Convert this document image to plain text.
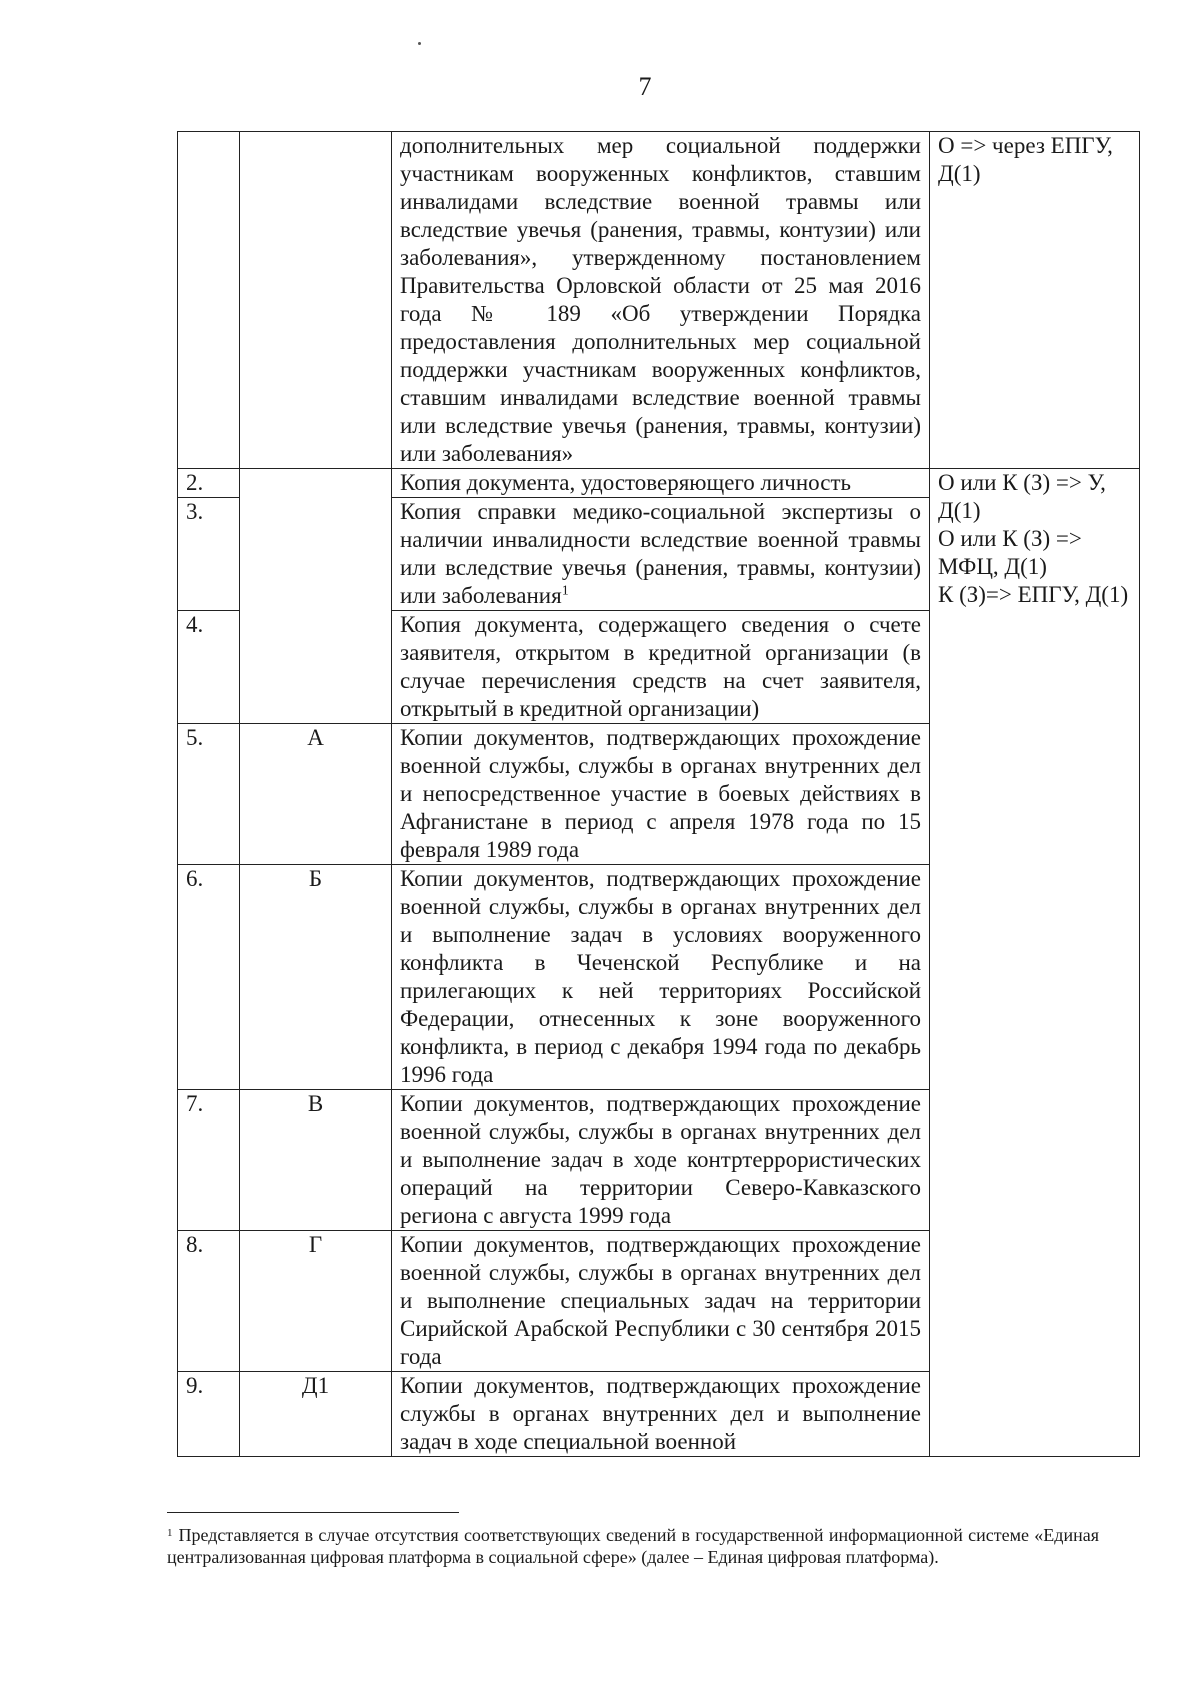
7
		дополнительных мер социальной поддержки участникам вооруженных конфликтов, ставшим инвалидами вследствие военной травмы или вследствие увечья (ранения, травмы, контузии) или заболевания», утвержденному постановлением Правительства Орловской области от 25 мая 2016 года № 189 «Об утверждении Порядка предоставления дополнительных мер социальной поддержки участникам вооруженных конфликтов, ставшим инвалидами вследствие военной травмы или вследствие увечья (ранения, травмы, контузии) или заболевания»	О => через ЕПГУ, Д(1)	
2.		Копия документа, удостоверяющего личность	О или К (З) => У, Д(1)
О или К (З) => МФЦ, Д(1)
К (З)=> ЕПГУ, Д(1)	

3.		Копия справки медико-социальной экспертизы о наличии инвалидности вследствие военной травмы или вследствие увечья (ранения, травмы, контузии) или заболевания$^1$
4.		Копия документа, содержащего сведения о счете заявителя, открытом в кредитной организации (в случае перечисления средств на счет заявителя, открытый в кредитной организации)		
5.	А	Копии документов, подтверждающих прохождение военной службы, службы в органах внутренних дел и непосредственное участие в боевых действиях в Афганистане в период с апреля 1978 года по 15 февраля 1989 года		
6.	Б	Копии документов, подтверждающих прохождение военной службы, службы в органах внутренних дел и выполнение задач в условиях вооруженного конфликта в Чеченской Республике и на прилегающих к ней территориях Российской Федерации, отнесенных к зоне вооруженного конфликта, в период с декабря 1994 года по декабрь 1996 года		
7.	В	Копии документов, подтверждающих прохождение военной службы, службы в органах внутренних дел и выполнение задач в ходе контртеррористических операций на территории Северо-Кавказского региона с августа 1999 года		
8.	Г	Копии документов, подтверждающих прохождение военной службы, службы в органах внутренних дел и выполнение специальных задач на территории Сирийской Арабской Республики с 30 сентября 2015 года		
9.	Д1	Копии документов, подтверждающих прохождение службы в органах внутренних дел и выполнение задач в ходе специальной военной		
$^1$ Представляется в случае отсутствия соответствующих сведений в государственной информационной системе «Единая централизованная цифровая платформа в социальной сфере» (далее – Единая цифровая платформа).
